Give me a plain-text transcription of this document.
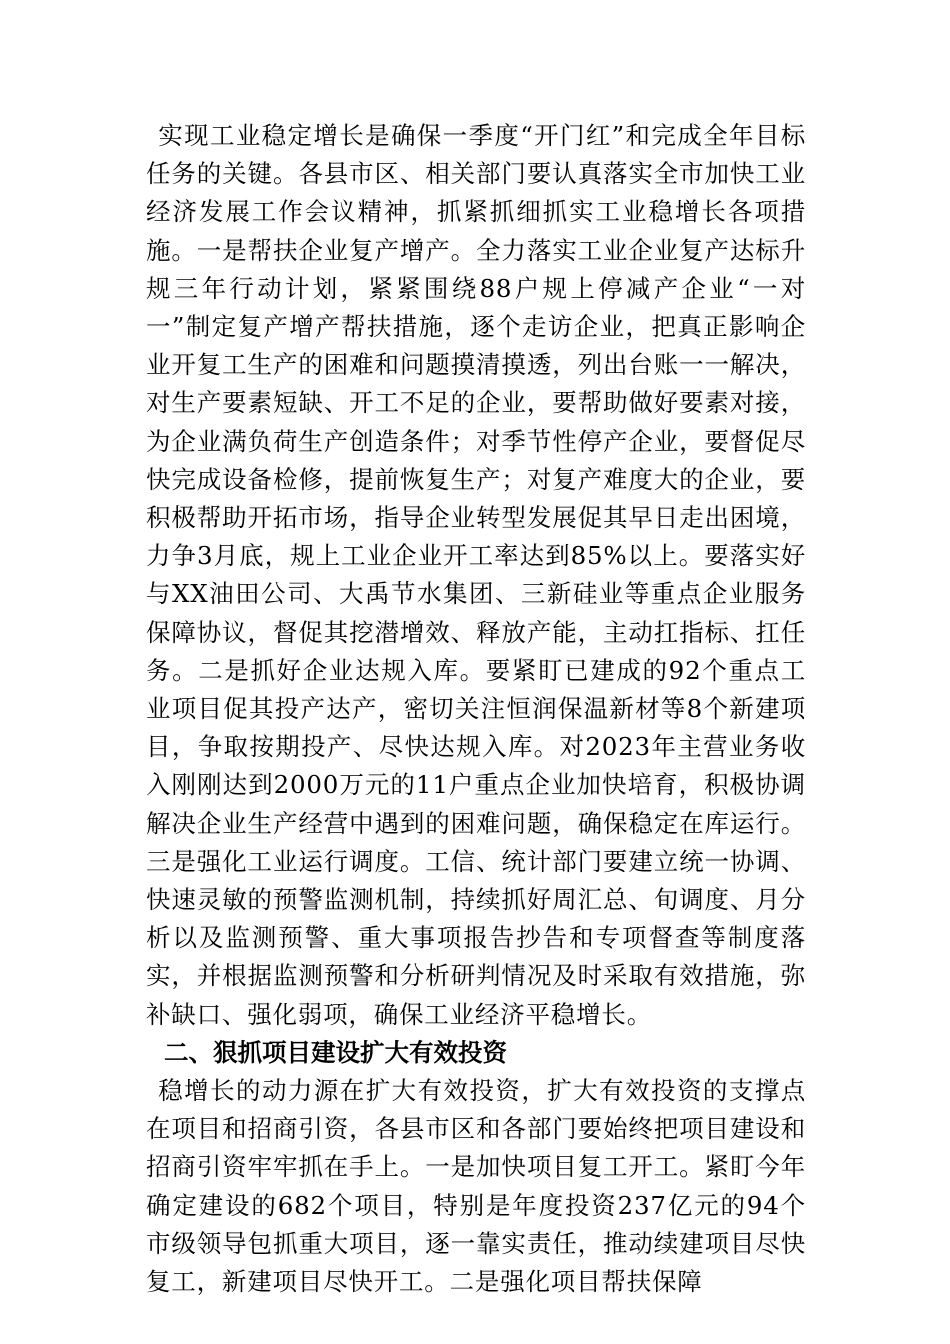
实现工业稳定增长是确保一季度“开门红”和完成全年目标任务的关键。各县市区、相关部门要认真落实全市加快工业经济发展工作会议精神，抓紧抓细抓实工业稳增长各项措施。一是帮扶企业复产增产。全力落实工业企业复产达标升规三年行动计划，紧紧围绕88户规上停减产企业“一对一”制定复产增产帮扶措施，逐个走访企业，把真正影响企业开复工生产的困难和问题摸清摸透，列出台账一一解决，对生产要素短缺、开工不足的企业，要帮助做好要素对接，为企业满负荷生产创造条件；对季节性停产企业，要督促尽快完成设备检修，提前恢复生产；对复产难度大的企业，要积极帮助开拓市场，指导企业转型发展促其早日走出困境，力争3月底，规上工业企业开工率达到85%以上。要落实好与XX油田公司、大禹节水集团、三新硅业等重点企业服务保障协议，督促其挖潜增效、释放产能，主动扛指标、扛任务。二是抓好企业达规入库。要紧盯已建成的92个重点工业项目促其投产达产，密切关注恒润保温新材等8个新建项目，争取按期投产、尽快达规入库。对2023年主营业务收入刚刚达到2000万元的11户重点企业加快培育，积极协调解决企业生产经营中遇到的困难问题，确保稳定在库运行。三是强化工业运行调度。工信、统计部门要建立统一协调、快速灵敏的预警监测机制，持续抓好周汇总、旬调度、月分析以及监测预警、重大事项报告抄告和专项督查等制度落实，并根据监测预警和分析研判情况及时采取有效措施，弥补缺口、强化弱项，确保工业经济平稳增长。

二、狠抓项目建设扩大有效投资

稳增长的动力源在扩大有效投资，扩大有效投资的支撑点在项目和招商引资，各县市区和各部门要始终把项目建设和招商引资牢牢抓在手上。一是加快项目复工开工。紧盯今年确定建设的682个项目，特别是年度投资237亿元的94个市级领导包抓重大项目，逐一靠实责任，推动续建项目尽快复工，新建项目尽快开工。二是强化项目帮扶保障
